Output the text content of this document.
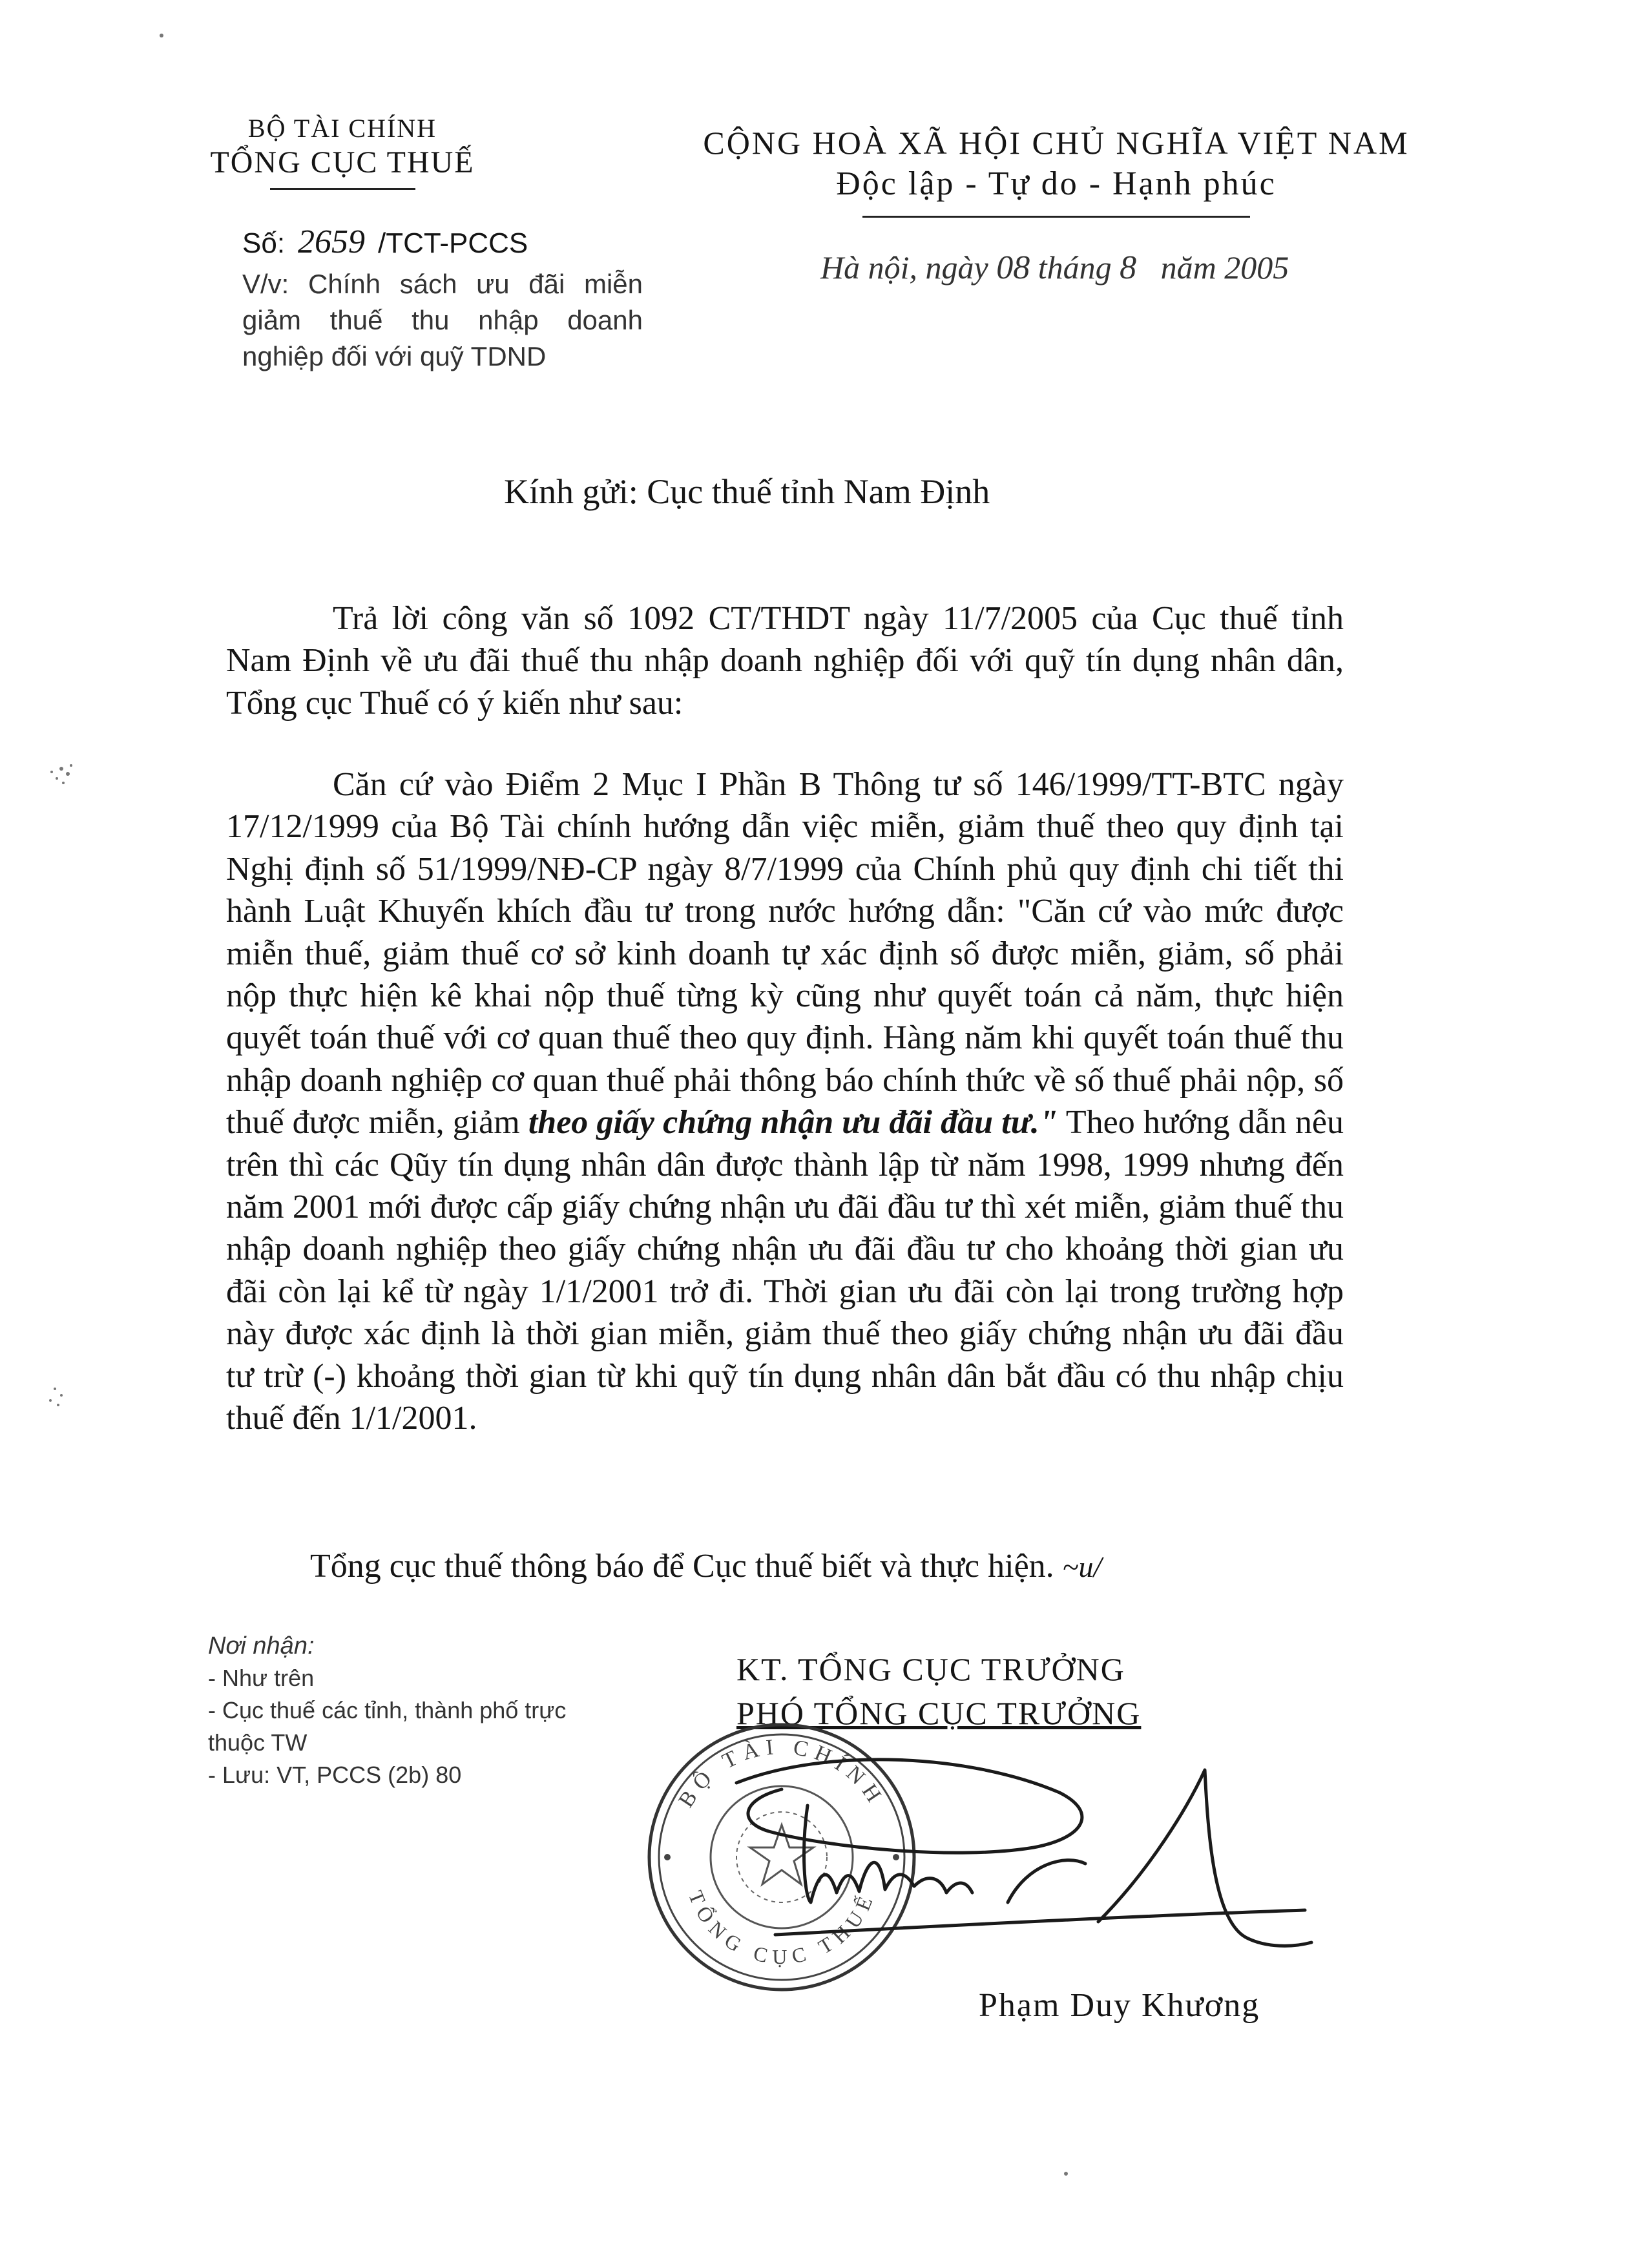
BỘ TÀI CHÍNH
TỔNG CỤC THUẾ
CỘNG HOÀ XÃ HỘI CHỦ NGHĨA VIỆT NAM
Độc lập - Tự do - Hạnh phúc
Số: 2659 /TCT-PCCS
V/v: Chính sách ưu đãi miễn giảm thuế thu nhập doanh nghiệp đối với quỹ TDND
Hà nội, ngày 08 tháng 8 năm 2005
Kính gửi: Cục thuế tỉnh Nam Định
Trả lời công văn số 1092 CT/THDT ngày 11/7/2005 của Cục thuế tỉnh Nam Định về ưu đãi thuế thu nhập doanh nghiệp đối với quỹ tín dụng nhân dân, Tổng cục Thuế có ý kiến như sau:
Căn cứ vào Điểm 2 Mục I Phần B Thông tư số 146/1999/TT-BTC ngày 17/12/1999 của Bộ Tài chính hướng dẫn việc miễn, giảm thuế theo quy định tại Nghị định số 51/1999/NĐ-CP ngày 8/7/1999 của Chính phủ quy định chi tiết thi hành Luật Khuyến khích đầu tư trong nước hướng dẫn: "Căn cứ vào mức được miễn thuế, giảm thuế cơ sở kinh doanh tự xác định số được miễn, giảm, số phải nộp thực hiện kê khai nộp thuế từng kỳ cũng như quyết toán cả năm, thực hiện quyết toán thuế với cơ quan thuế theo quy định. Hàng năm khi quyết toán thuế thu nhập doanh nghiệp cơ quan thuế phải thông báo chính thức về số thuế phải nộp, số thuế được miễn, giảm theo giấy chứng nhận ưu đãi đầu tư." Theo hướng dẫn nêu trên thì các Qũy tín dụng nhân dân được thành lập từ năm 1998, 1999 nhưng đến năm 2001 mới được cấp giấy chứng nhận ưu đãi đầu tư thì xét miễn, giảm thuế thu nhập doanh nghiệp theo giấy chứng nhận ưu đãi đầu tư cho khoảng thời gian ưu đãi còn lại kể từ ngày 1/1/2001 trở đi. Thời gian ưu đãi còn lại trong trường hợp này được xác định là thời gian miễn, giảm thuế theo giấy chứng nhận ưu đãi đầu tư trừ (-) khoảng thời gian từ khi quỹ tín dụng nhân dân bắt đầu có thu nhập chịu thuế đến 1/1/2001.
Tổng cục thuế thông báo để Cục thuế biết và thực hiện. ~u/
Nơi nhận:
- Như trên
- Cục thuế các tỉnh, thành phố trực thuộc TW
- Lưu: VT, PCCS (2b) 80
KT. TỔNG CỤC TRƯỞNG
PHÓ TỔNG CỤC TRƯỞNG
BỘ TÀI CHÍNH
TỔNG CỤC THUẾ
Phạm Duy Khương
